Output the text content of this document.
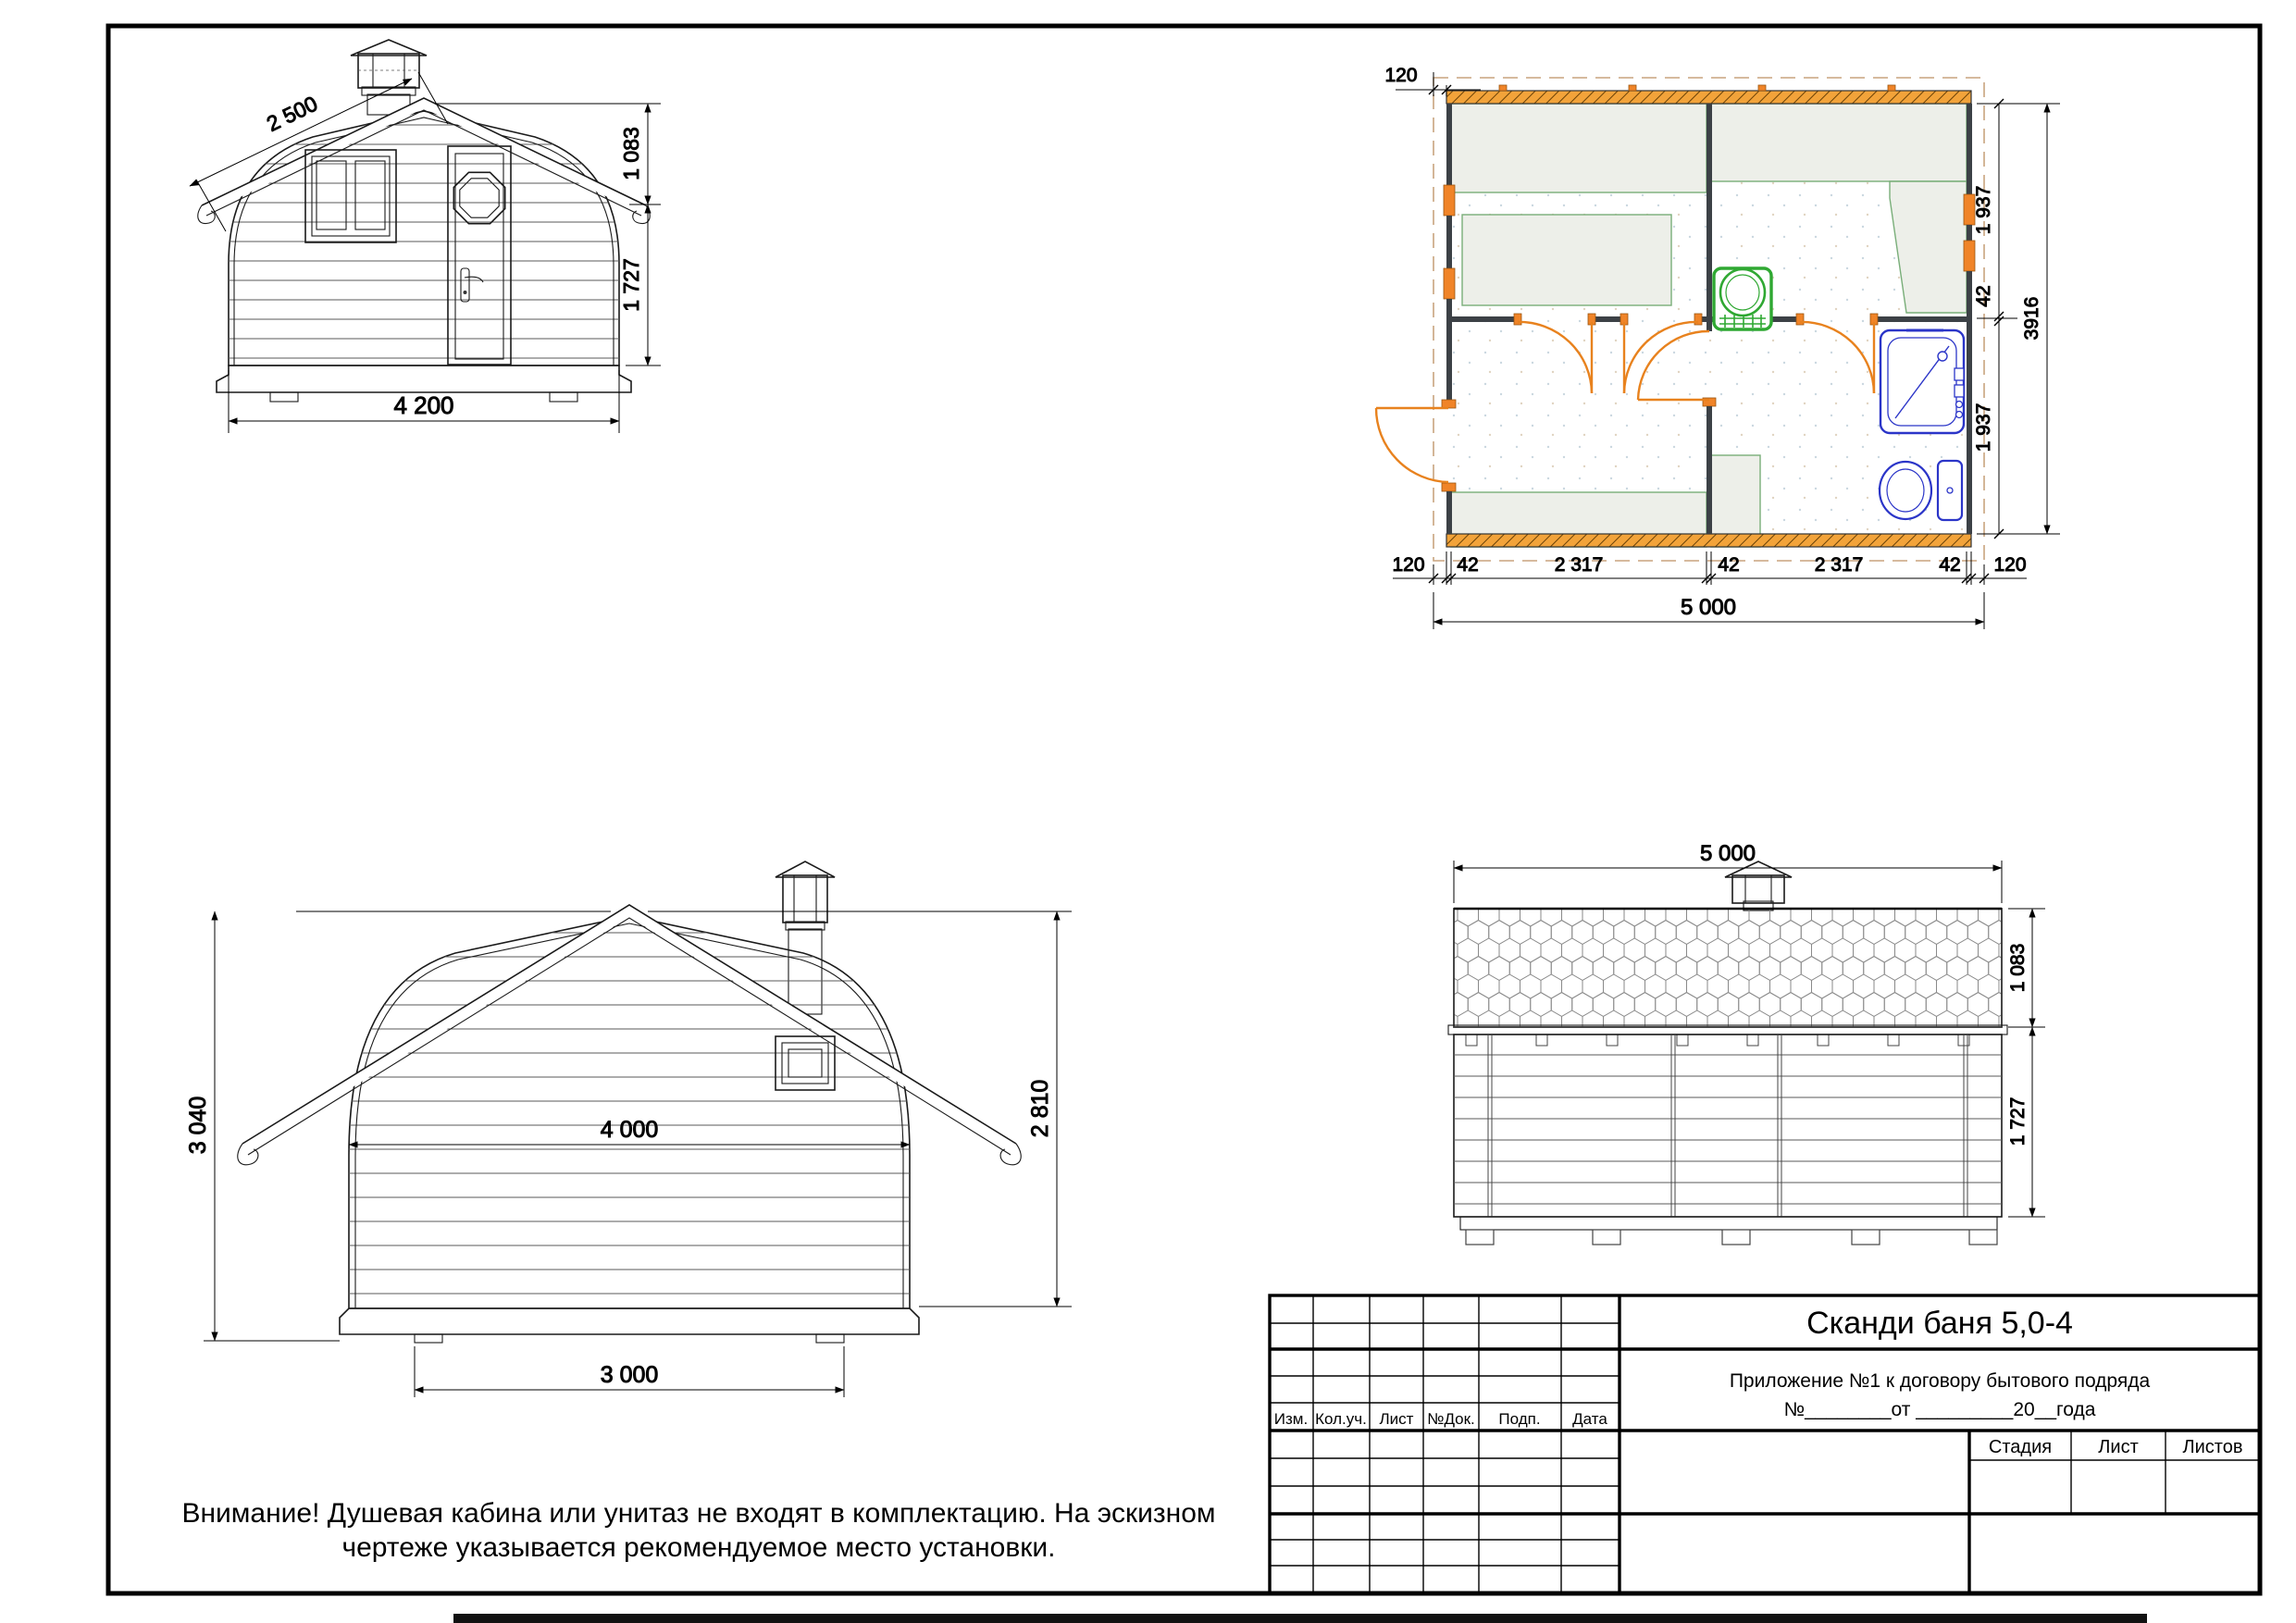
2 500
1 083
1 727
4 200
120
1 937
42
1 937
3916
120 42	2 317	42	2 317	42 120
5 000
3 040	2 810
4 000
3 000
5 000
1 083
1 727
Внимание! Душевая кабина или унитаз не входят в комплектацию. На эскизном
чертеже указывается рекомендуемое место установки.
Изм. Кол.уч. Лист №Док. Подп. Дата
Сканди баня 5,0-4
Приложение №1 к договору бытового подряда
№________от _________20__года
Стадия	Лист Листов
